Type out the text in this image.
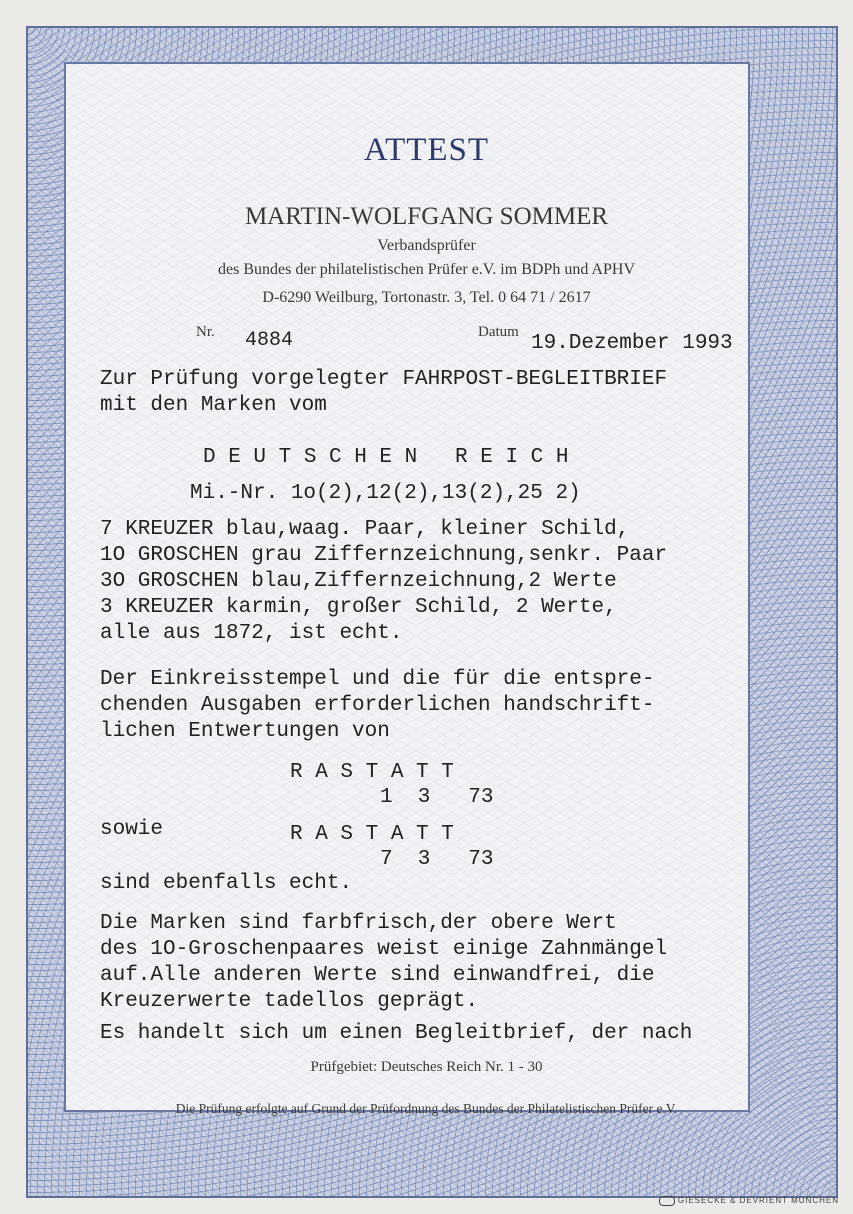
ATTEST
MARTIN-WOLFGANG SOMMER
Verbandsprüfer
des Bundes der philatelistischen Prüfer e.V. im BDPh und APHV
D-6290 Weilburg, Tortonastr. 3, Tel. 0 64 71 / 2617
Nr. 4884	Datum 19.Dezember 1993
Zur Prüfung vorgelegter FAHRPOST-BEGLEITBRIEF
mit den Marken vom
D E U T S C H E N   R E I C H
Mi.-Nr. 1o(2),12(2),13(2),25 2)
7 KREUZER blau,waag. Paar, kleiner Schild,
1O GROSCHEN grau Ziffernzeichnung,senkr. Paar
3O GROSCHEN blau,Ziffernzeichnung,2 Werte
3 KREUZER karmin, großer Schild, 2 Werte,
alle aus 1872, ist echt.
Der Einkreisstempel und die für die entspre-
chenden Ausgaben erforderlichen handschrift-
lichen Entwertungen von
R A S T A T T
1  3   73
sowie	R A S T A T T
7  3   73
sind ebenfalls echt.
Die Marken sind farbfrisch,der obere Wert
des 1O-Groschenpaares weist einige Zahnmängel
auf.Alle anderen Werte sind einwandfrei, die
Kreuzerwerte tadellos geprägt.
Es handelt sich um einen Begleitbrief, der nach
Prüfgebiet: Deutsches Reich Nr. 1 - 30
Die Prüfung erfolgte auf Grund der Prüfordnung des Bundes der Philatelistischen Prüfer e.V.
GIESECKE & DEVRIENT MÜNCHEN
